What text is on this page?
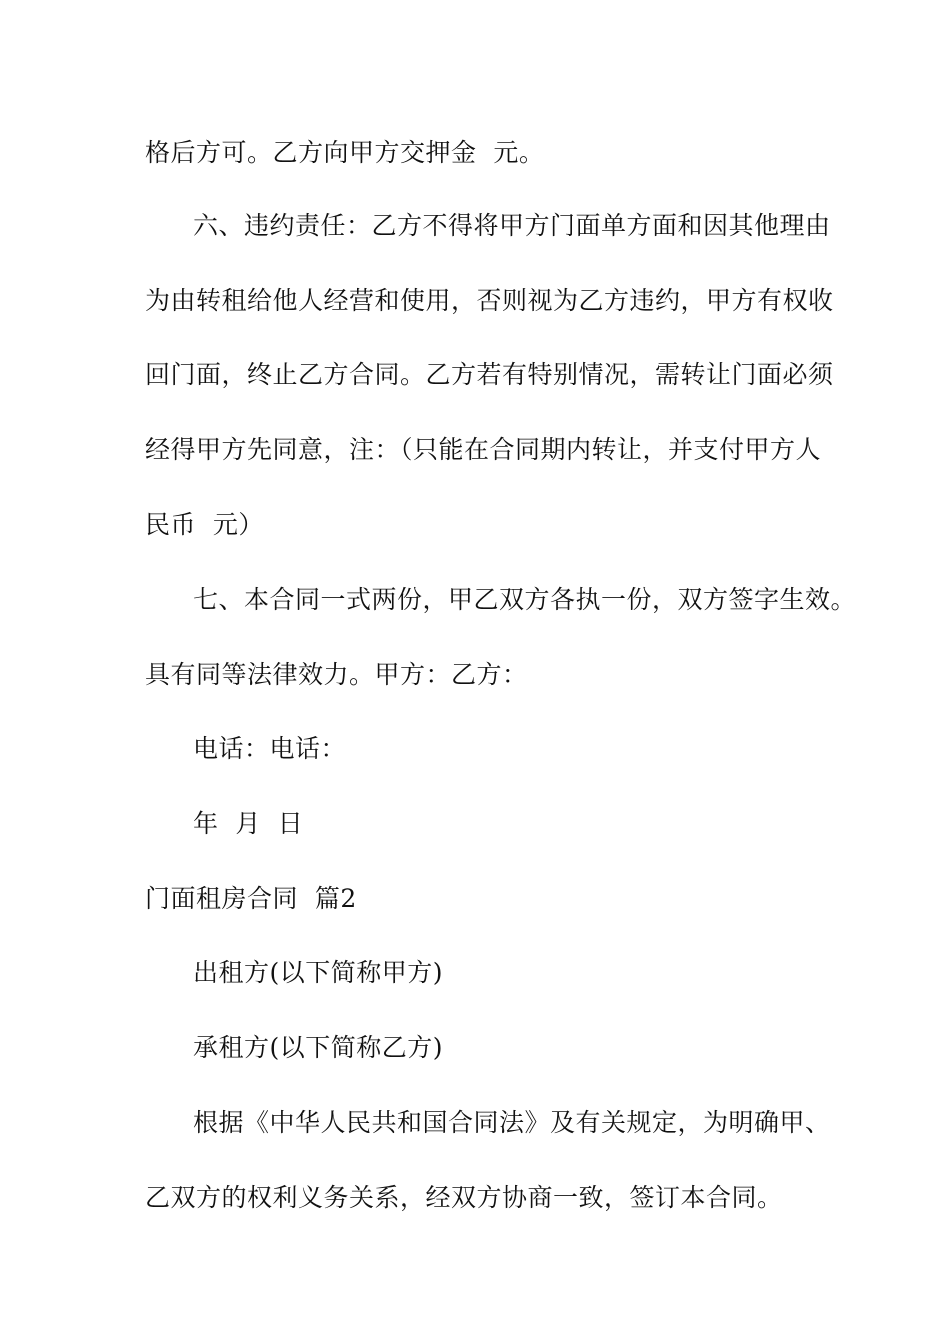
格后方可。乙方向甲方交押金  元。
六、违约责任：乙方不得将甲方门面单方面和因其他理由
为由转租给他人经营和使用，否则视为乙方违约，甲方有权收
回门面，终止乙方合同。乙方若有特别情况，需转让门面必须
经得甲方先同意，注：（只能在合同期内转让，并支付甲方人
民币  元）
七、本合同一式两份，甲乙双方各执一份，双方签字生效。
具有同等法律效力。甲方：乙方：
电话：电话：
年  月  日
门面租房合同  篇2
出租方(以下简称甲方)
承租方(以下简称乙方)
根据《中华人民共和国合同法》及有关规定，为明确甲、
乙双方的权利义务关系，经双方协商一致，签订本合同。
